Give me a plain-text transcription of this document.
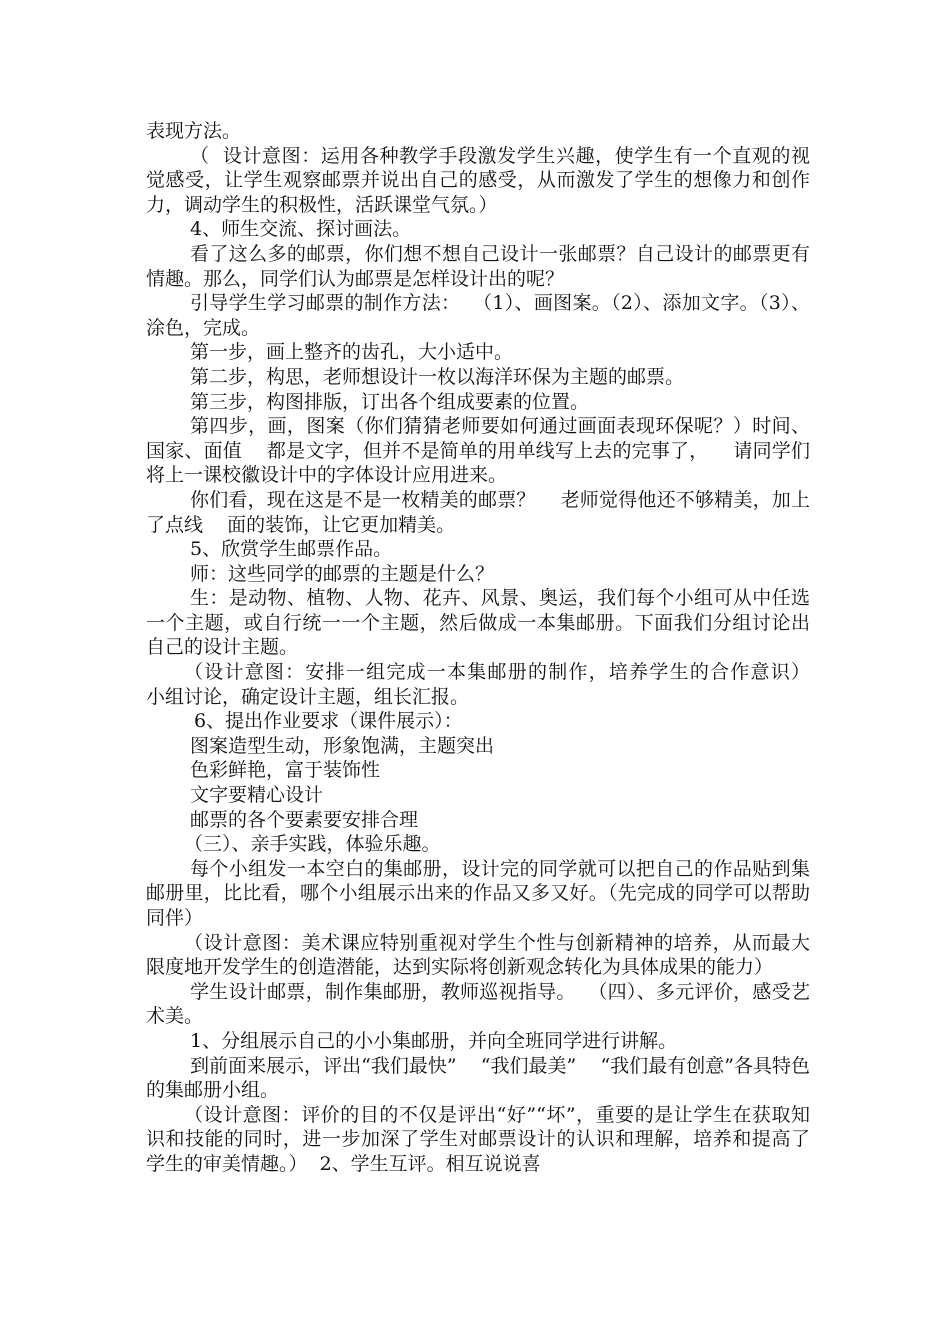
表现方法。

（  设计意图：运用各种教学手段激发学生兴趣，使学生有一个直观的视觉感受，让学生观察邮票并说出自己的感受，从而激发了学生的想像力和创作力，调动学生的积极性，活跃课堂气氛。）

4、师生交流、探讨画法。

看了这么多的邮票，你们想不想自己设计一张邮票？自己设计的邮票更有情趣。那么，同学们认为邮票是怎样设计出的呢？

引导学生学习邮票的制作方法：  （1）、画图案。（2）、添加文字。（3）、涂色，完成。

第一步，画上整齐的齿孔，大小适中。

第二步，构思，老师想设计一枚以海洋环保为主题的邮票。

第三步，构图排版，订出各个组成要素的位置。

第四步，画，图案（你们猜猜老师要如何通过画面表现环保呢？）时间、国家、面值    都是文字，但并不是简单的用单线写上去的完事了，    请同学们将上一课校徽设计中的字体设计应用进来。

你们看，现在这是不是一枚精美的邮票？    老师觉得他还不够精美，加上了点线    面的装饰，让它更加精美。

5、欣赏学生邮票作品。

师：这些同学的邮票的主题是什么？

生：是动物、植物、人物、花卉、风景、奥运，我们每个小组可从中任选一个主题，或自行统一一个主题，然后做成一本集邮册。下面我们分组讨论出自己的设计主题。

（设计意图：安排一组完成一本集邮册的制作，培养学生的合作意识）    小组讨论，确定设计主题，组长汇报。

6、提出作业要求（课件展示）：

图案造型生动，形象饱满，主题突出

色彩鲜艳，富于装饰性

文字要精心设计

邮票的各个要素要安排合理

（三）、亲手实践，体验乐趣。

每个小组发一本空白的集邮册，设计完的同学就可以把自己的作品贴到集邮册里，比比看，哪个小组展示出来的作品又多又好。（先完成的同学可以帮助同伴）

（设计意图：美术课应特别重视对学生个性与创新精神的培养，从而最大限度地开发学生的创造潜能，达到实际将创新观念转化为具体成果的能力）

学生设计邮票，制作集邮册，教师巡视指导。  （四）、多元评价，感受艺术美。

1、分组展示自己的小小集邮册，并向全班同学进行讲解。

到前面来展示，评出“我们最快”    “我们最美”    “我们最有创意”各具特色的集邮册小组。

（设计意图：评价的目的不仅是评出“好”“坏”，重要的是让学生在获取知识和技能的同时，进一步加深了学生对邮票设计的认识和理解，培养和提高了学生的审美情趣。）  2、学生互评。相互说说喜
